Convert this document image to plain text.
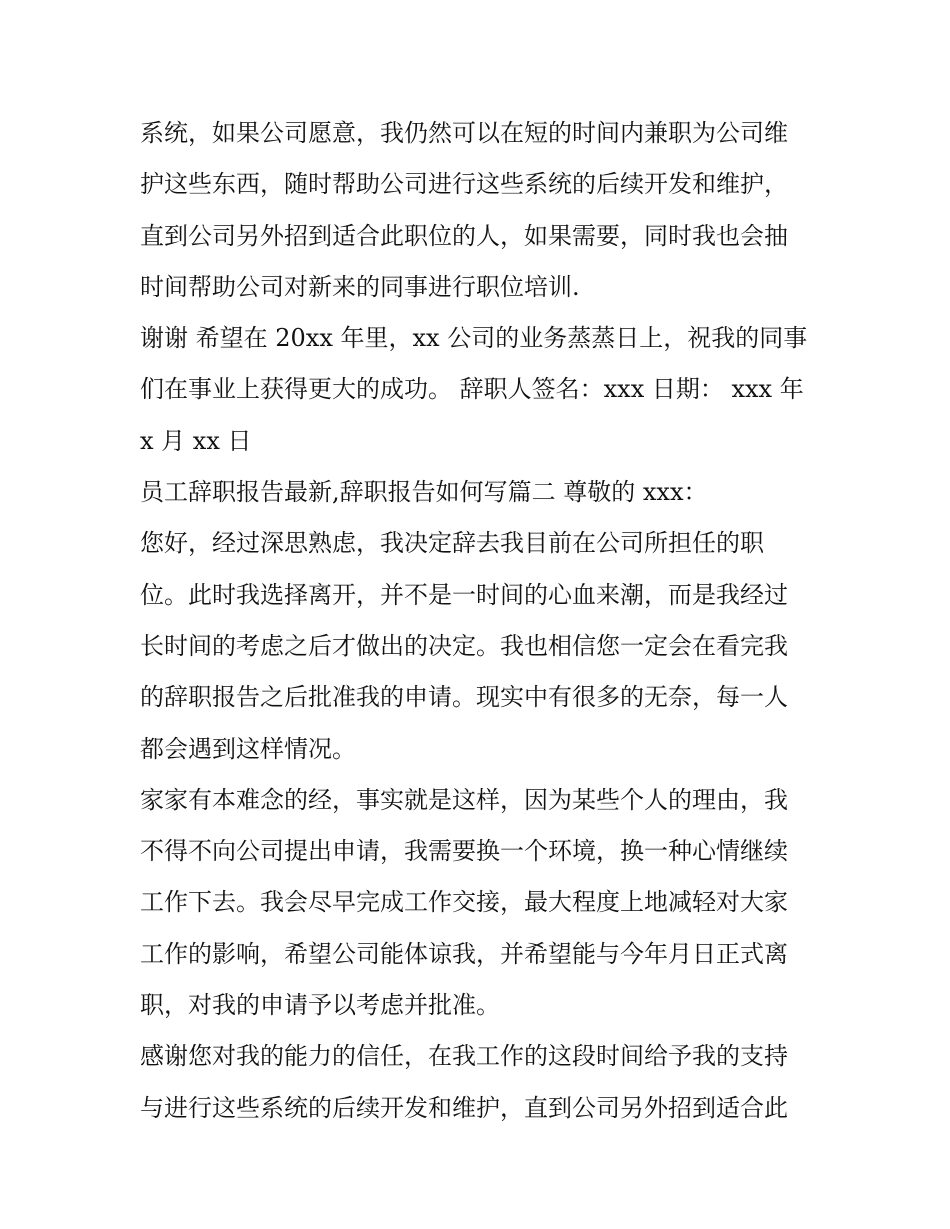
系统，如果公司愿意，我仍然可以在短的时间内兼职为公司维
护这些东西，随时帮助公司进行这些系统的后续开发和维护，
直到公司另外招到适合此职位的人，如果需要，同时我也会抽
时间帮助公司对新来的同事进行职位培训.
谢谢 希望在 20xx 年里，xx 公司的业务蒸蒸日上，祝我的同事
们在事业上获得更大的成功。 辞职人签名：xxx 日期： xxx 年
x 月 xx 日
员工辞职报告最新,辞职报告如何写篇二 尊敬的 xxx：
您好，经过深思熟虑，我决定辞去我目前在公司所担任的职
位。此时我选择离开，并不是一时间的心血来潮，而是我经过
长时间的考虑之后才做出的决定。我也相信您一定会在看完我
的辞职报告之后批准我的申请。现实中有很多的无奈，每一人
都会遇到这样情况。
家家有本难念的经，事实就是这样，因为某些个人的理由，我
不得不向公司提出申请，我需要换一个环境，换一种心情继续
工作下去。我会尽早完成工作交接，最大程度上地减轻对大家
工作的影响，希望公司能体谅我，并希望能与今年月日正式离
职，对我的申请予以考虑并批准。
感谢您对我的能力的信任，在我工作的这段时间给予我的支持
与进行这些系统的后续开发和维护，直到公司另外招到适合此
